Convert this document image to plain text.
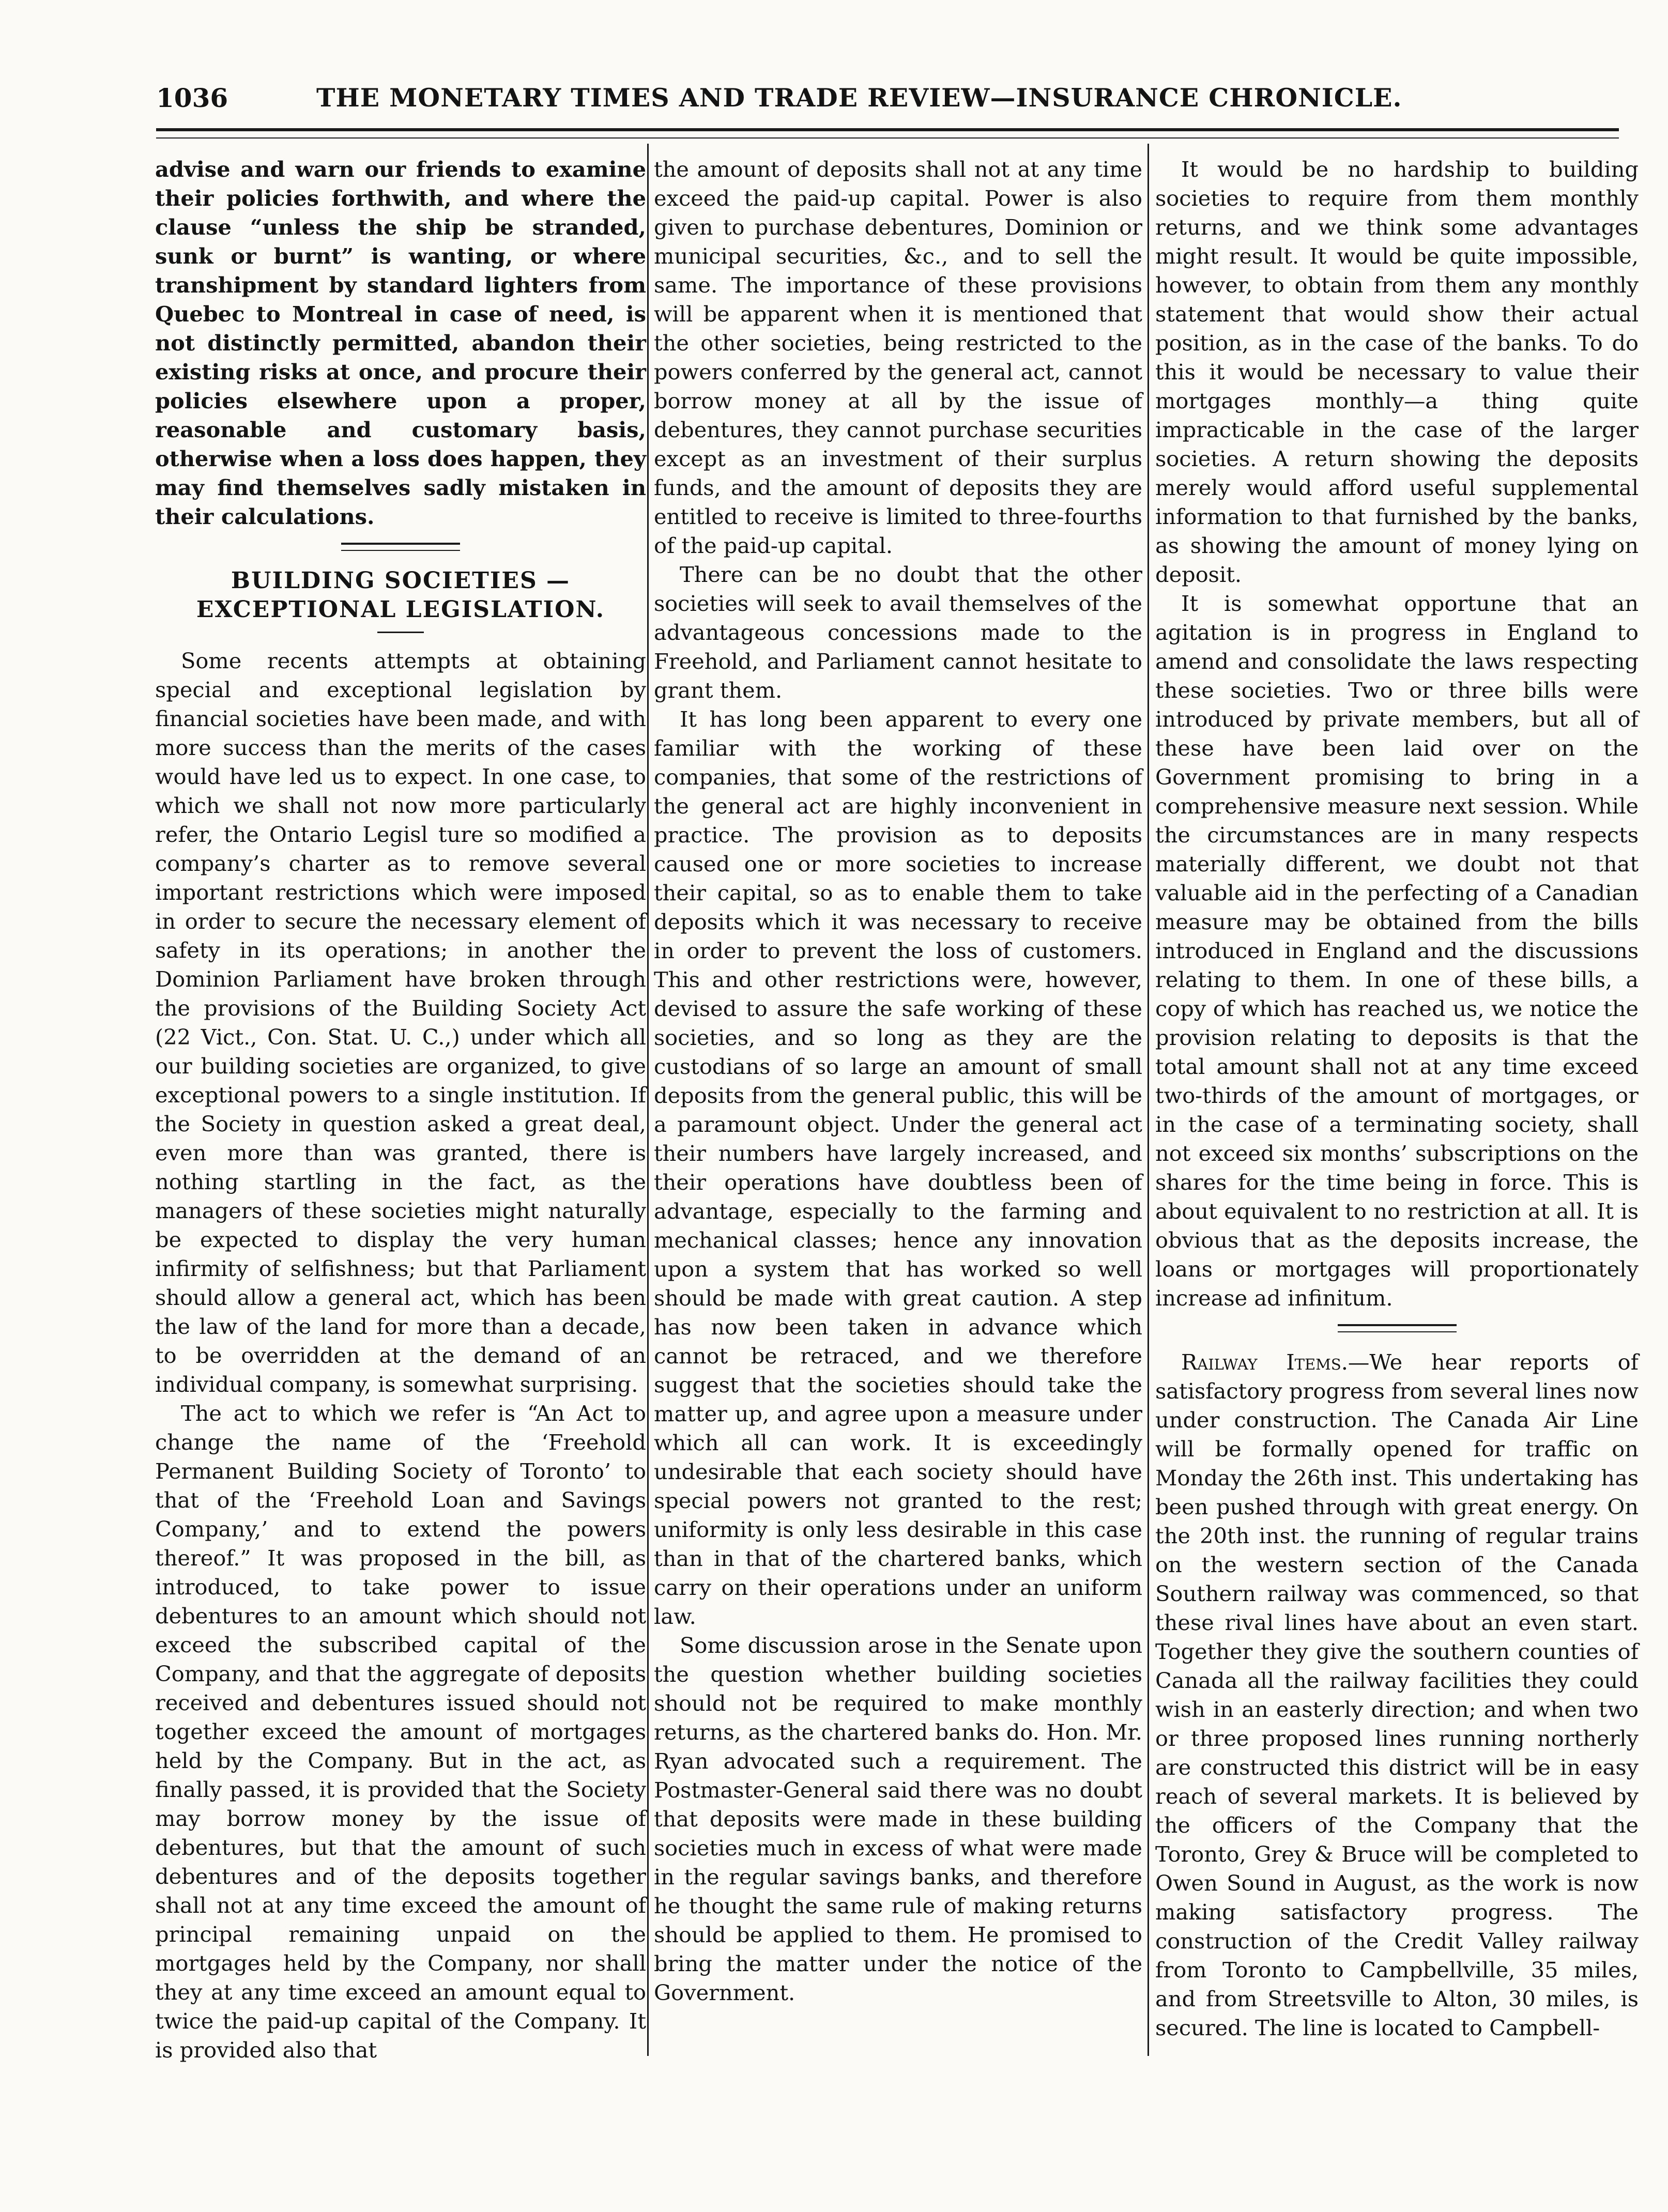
1036	THE MONETARY TIMES AND TRADE REVIEW—INSURANCE CHRONICLE.

advise and warn our friends to examine their policies forthwith, and where the clause “unless the ship be stranded, sunk or burnt” is wanting, or where transhipment by standard lighters from Quebec to Montreal in case of need, is not distinctly permitted, abandon their existing risks at once, and procure their policies elsewhere upon a proper, reasonable and customary basis, otherwise when a loss does happen, they may find themselves sadly mistaken in their calculations.

BUILDING SOCIETIES — EXCEPTIONAL LEGISLATION.

Some recents attempts at obtaining special and exceptional legislation by financial societies have been made, and with more success than the merits of the cases would have led us to expect. In one case, to which we shall not now more particularly refer, the Ontario Legisl ture so modified a company’s charter as to remove several important restrictions which were imposed in order to secure the necessary element of safety in its operations; in another the Dominion Parliament have broken through the provisions of the Building Society Act (22 Vict., Con. Stat. U. C.,) under which all our building societies are organized, to give exceptional powers to a single institution. If the Society in question asked a great deal, even more than was granted, there is nothing startling in the fact, as the managers of these societies might naturally be expected to display the very human infirmity of selfishness; but that Parliament should allow a general act, which has been the law of the land for more than a decade, to be overridden at the demand of an individual company, is somewhat surprising.

The act to which we refer is “An Act to change the name of the ‘Freehold Permanent Building Society of Toronto’ to that of the ‘Freehold Loan and Savings Company,’ and to extend the powers thereof.” It was proposed in the bill, as introduced, to take power to issue debentures to an amount which should not exceed the subscribed capital of the Company, and that the aggregate of deposits received and debentures issued should not together exceed the amount of mortgages held by the Company. But in the act, as finally passed, it is provided that the Society may borrow money by the issue of debentures, but that the amount of such debentures and of the deposits together shall not at any time exceed the amount of principal remaining unpaid on the mortgages held by the Company, nor shall they at any time exceed an amount equal to twice the paid-up capital of the Company. It is provided also that

the amount of deposits shall not at any time exceed the paid-up capital. Power is also given to purchase debentures, Dominion or municipal securities, &c., and to sell the same. The importance of these provisions will be apparent when it is mentioned that the other societies, being restricted to the powers conferred by the general act, cannot borrow money at all by the issue of debentures, they cannot purchase securities except as an investment of their surplus funds, and the amount of deposits they are entitled to receive is limited to three-fourths of the paid-up capital.

There can be no doubt that the other societies will seek to avail themselves of the advantageous concessions made to the Freehold, and Parliament cannot hesitate to grant them.

It has long been apparent to every one familiar with the working of these companies, that some of the restrictions of the general act are highly inconvenient in practice. The provision as to deposits caused one or more societies to increase their capital, so as to enable them to take deposits which it was necessary to receive in order to prevent the loss of customers. This and other restrictions were, however, devised to assure the safe working of these societies, and so long as they are the custodians of so large an amount of small deposits from the general public, this will be a paramount object. Under the general act their numbers have largely increased, and their operations have doubtless been of advantage, especially to the farming and mechanical classes; hence any innovation upon a system that has worked so well should be made with great caution. A step has now been taken in advance which cannot be retraced, and we therefore suggest that the societies should take the matter up, and agree upon a measure under which all can work. It is exceedingly undesirable that each society should have special powers not granted to the rest; uniformity is only less desirable in this case than in that of the chartered banks, which carry on their operations under an uniform law.

Some discussion arose in the Senate upon the question whether building societies should not be required to make monthly returns, as the chartered banks do. Hon. Mr. Ryan advocated such a requirement. The Postmaster-General said there was no doubt that deposits were made in these building societies much in excess of what were made in the regular savings banks, and therefore he thought the same rule of making returns should be applied to them. He promised to bring the matter under the notice of the Government.

It would be no hardship to building societies to require from them monthly returns, and we think some advantages might result. It would be quite impossible, however, to obtain from them any monthly statement that would show their actual position, as in the case of the banks. To do this it would be necessary to value their mortgages monthly—a thing quite impracticable in the case of the larger societies. A return showing the deposits merely would afford useful supplemental information to that furnished by the banks, as showing the amount of money lying on deposit.

It is somewhat opportune that an agitation is in progress in England to amend and consolidate the laws respecting these societies. Two or three bills were introduced by private members, but all of these have been laid over on the Government promising to bring in a comprehensive measure next session. While the circumstances are in many respects materially different, we doubt not that valuable aid in the perfecting of a Canadian measure may be obtained from the bills introduced in England and the discussions relating to them. In one of these bills, a copy of which has reached us, we notice the provision relating to deposits is that the total amount shall not at any time exceed two-thirds of the amount of mortgages, or in the case of a terminating society, shall not exceed six months’ subscriptions on the shares for the time being in force. This is about equivalent to no restriction at all. It is obvious that as the deposits increase, the loans or mortgages will proportionately increase ad infinitum.

Railway Items.—We hear reports of satisfactory progress from several lines now under construction. The Canada Air Line will be formally opened for traffic on Monday the 26th inst. This undertaking has been pushed through with great energy. On the 20th inst. the running of regular trains on the western section of the Canada Southern railway was commenced, so that these rival lines have about an even start. Together they give the southern counties of Canada all the railway facilities they could wish in an easterly direction; and when two or three proposed lines running northerly are constructed this district will be in easy reach of several markets. It is believed by the officers of the Company that the Toronto, Grey & Bruce will be completed to Owen Sound in August, as the work is now making satisfactory progress. The construction of the Credit Valley railway from Toronto to Campbellville, 35 miles, and from Streetsville to Alton, 30 miles, is secured. The line is located to Campbell-
